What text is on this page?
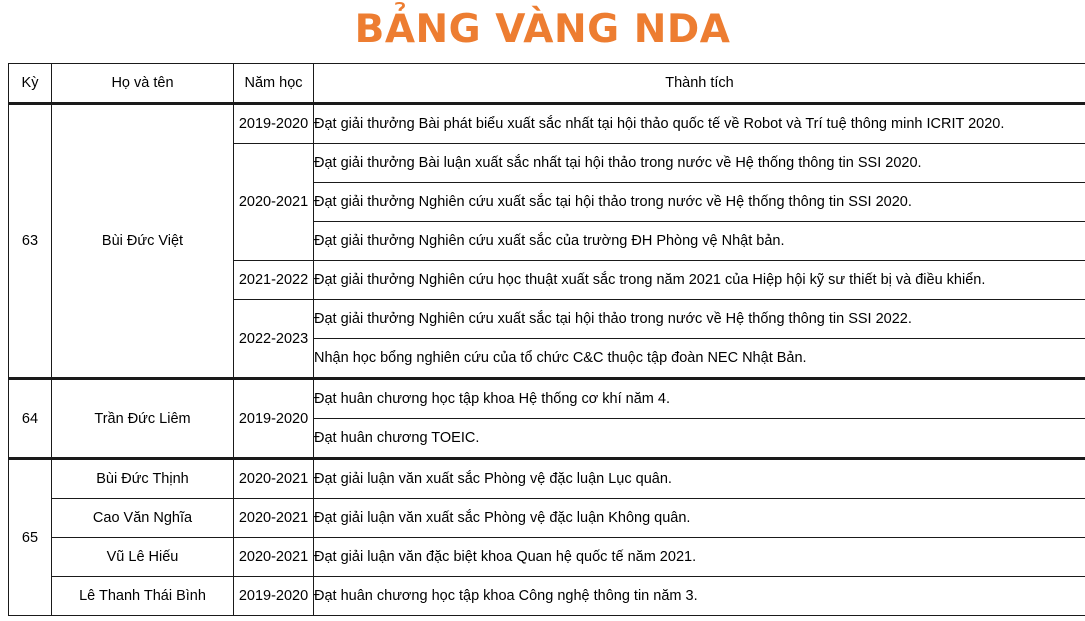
BẢNG VÀNG NDA
Kỳ	Họ và tên	Năm học	Thành tích
63	Bùi Đức Việt	2019-2020	Đạt giải thưởng Bài phát biểu xuất sắc nhất tại hội thảo quốc tế về Robot và Trí tuệ thông minh ICRIT 2020.
		2020-2021	Đạt giải thưởng Bài luận xuất sắc nhất tại hội thảo trong nước về Hệ thống thông tin SSI 2020.
			Đạt giải thưởng Nghiên cứu xuất sắc tại hội thảo trong nước về Hệ thống thông tin SSI 2020.
			Đạt giải thưởng Nghiên cứu xuất sắc của trường ĐH Phòng vệ Nhật bản.
		2021-2022	Đạt giải thưởng Nghiên cứu học thuật xuất sắc trong năm 2021 của Hiệp hội kỹ sư thiết bị và điều khiển.
		2022-2023	Đạt giải thưởng Nghiên cứu xuất sắc tại hội thảo trong nước về Hệ thống thông tin SSI 2022.
			Nhận học bổng nghiên cứu của tổ chức C&C thuộc tập đoàn NEC Nhật Bản.
64	Trần Đức Liêm	2019-2020	Đạt huân chương học tập khoa Hệ thống cơ khí năm 4.
			Đạt huân chương TOEIC.
65	Bùi Đức Thịnh	2020-2021	Đạt giải luận văn xuất sắc Phòng vệ đặc luận Lục quân.
	Cao Văn Nghĩa	2020-2021	Đạt giải luận văn xuất sắc Phòng vệ đặc luận Không quân.
	Vũ Lê Hiếu	2020-2021	Đạt giải luận văn đặc biệt khoa Quan hệ quốc tế năm 2021.
	Lê Thanh Thái Bình	2019-2020	Đạt huân chương học tập khoa Công nghệ thông tin năm 3.
